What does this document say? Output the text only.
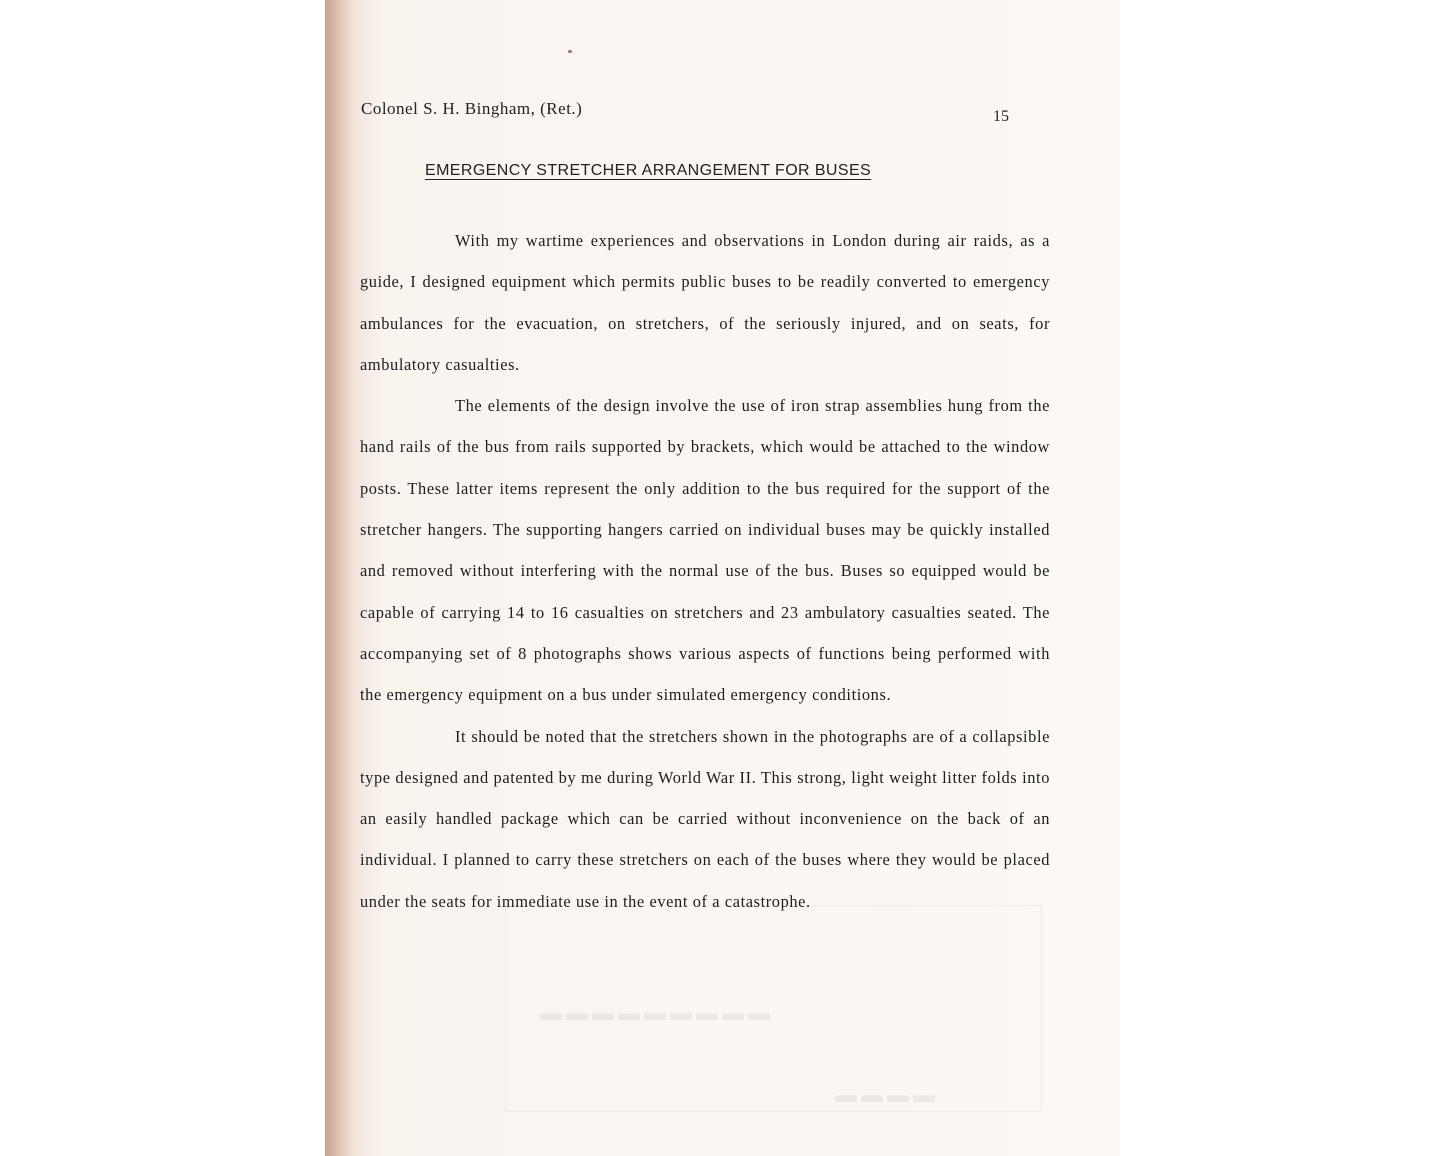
▬▬▬▬▬▬▬▬▬
▬▬▬▬
Colonel S. H. Bingham, (Ret.)	15
EMERGENCY STRETCHER ARRANGEMENT FOR BUSES

With my wartime experiences and observations in London during air raids, as a guide, I designed equipment which permits public buses to be readily converted to emergency ambulances for the evacuation, on stretchers, of the seriously injured, and on seats, for ambulatory casualties.

The elements of the design involve the use of iron strap assemblies hung from the hand rails of the bus from rails supported by brackets, which would be attached to the window posts. These latter items represent the only addition to the bus required for the support of the stretcher hangers. The supporting hangers carried on individual buses may be quickly installed and removed without interfering with the normal use of the bus. Buses so equipped would be capable of carrying 14 to 16 casualties on stretchers and 23 ambulatory casualties seated. The accompanying set of 8 photographs shows various aspects of functions being performed with the emergency equipment on a bus under simulated emergency conditions.

It should be noted that the stretchers shown in the photographs are of a collapsible type designed and patented by me during World War II. This strong, light weight litter folds into an easily handled package which can be carried without inconvenience on the back of an individual. I planned to carry these stretchers on each of the buses where they would be placed under the seats for immediate use in the event of a catastrophe.
